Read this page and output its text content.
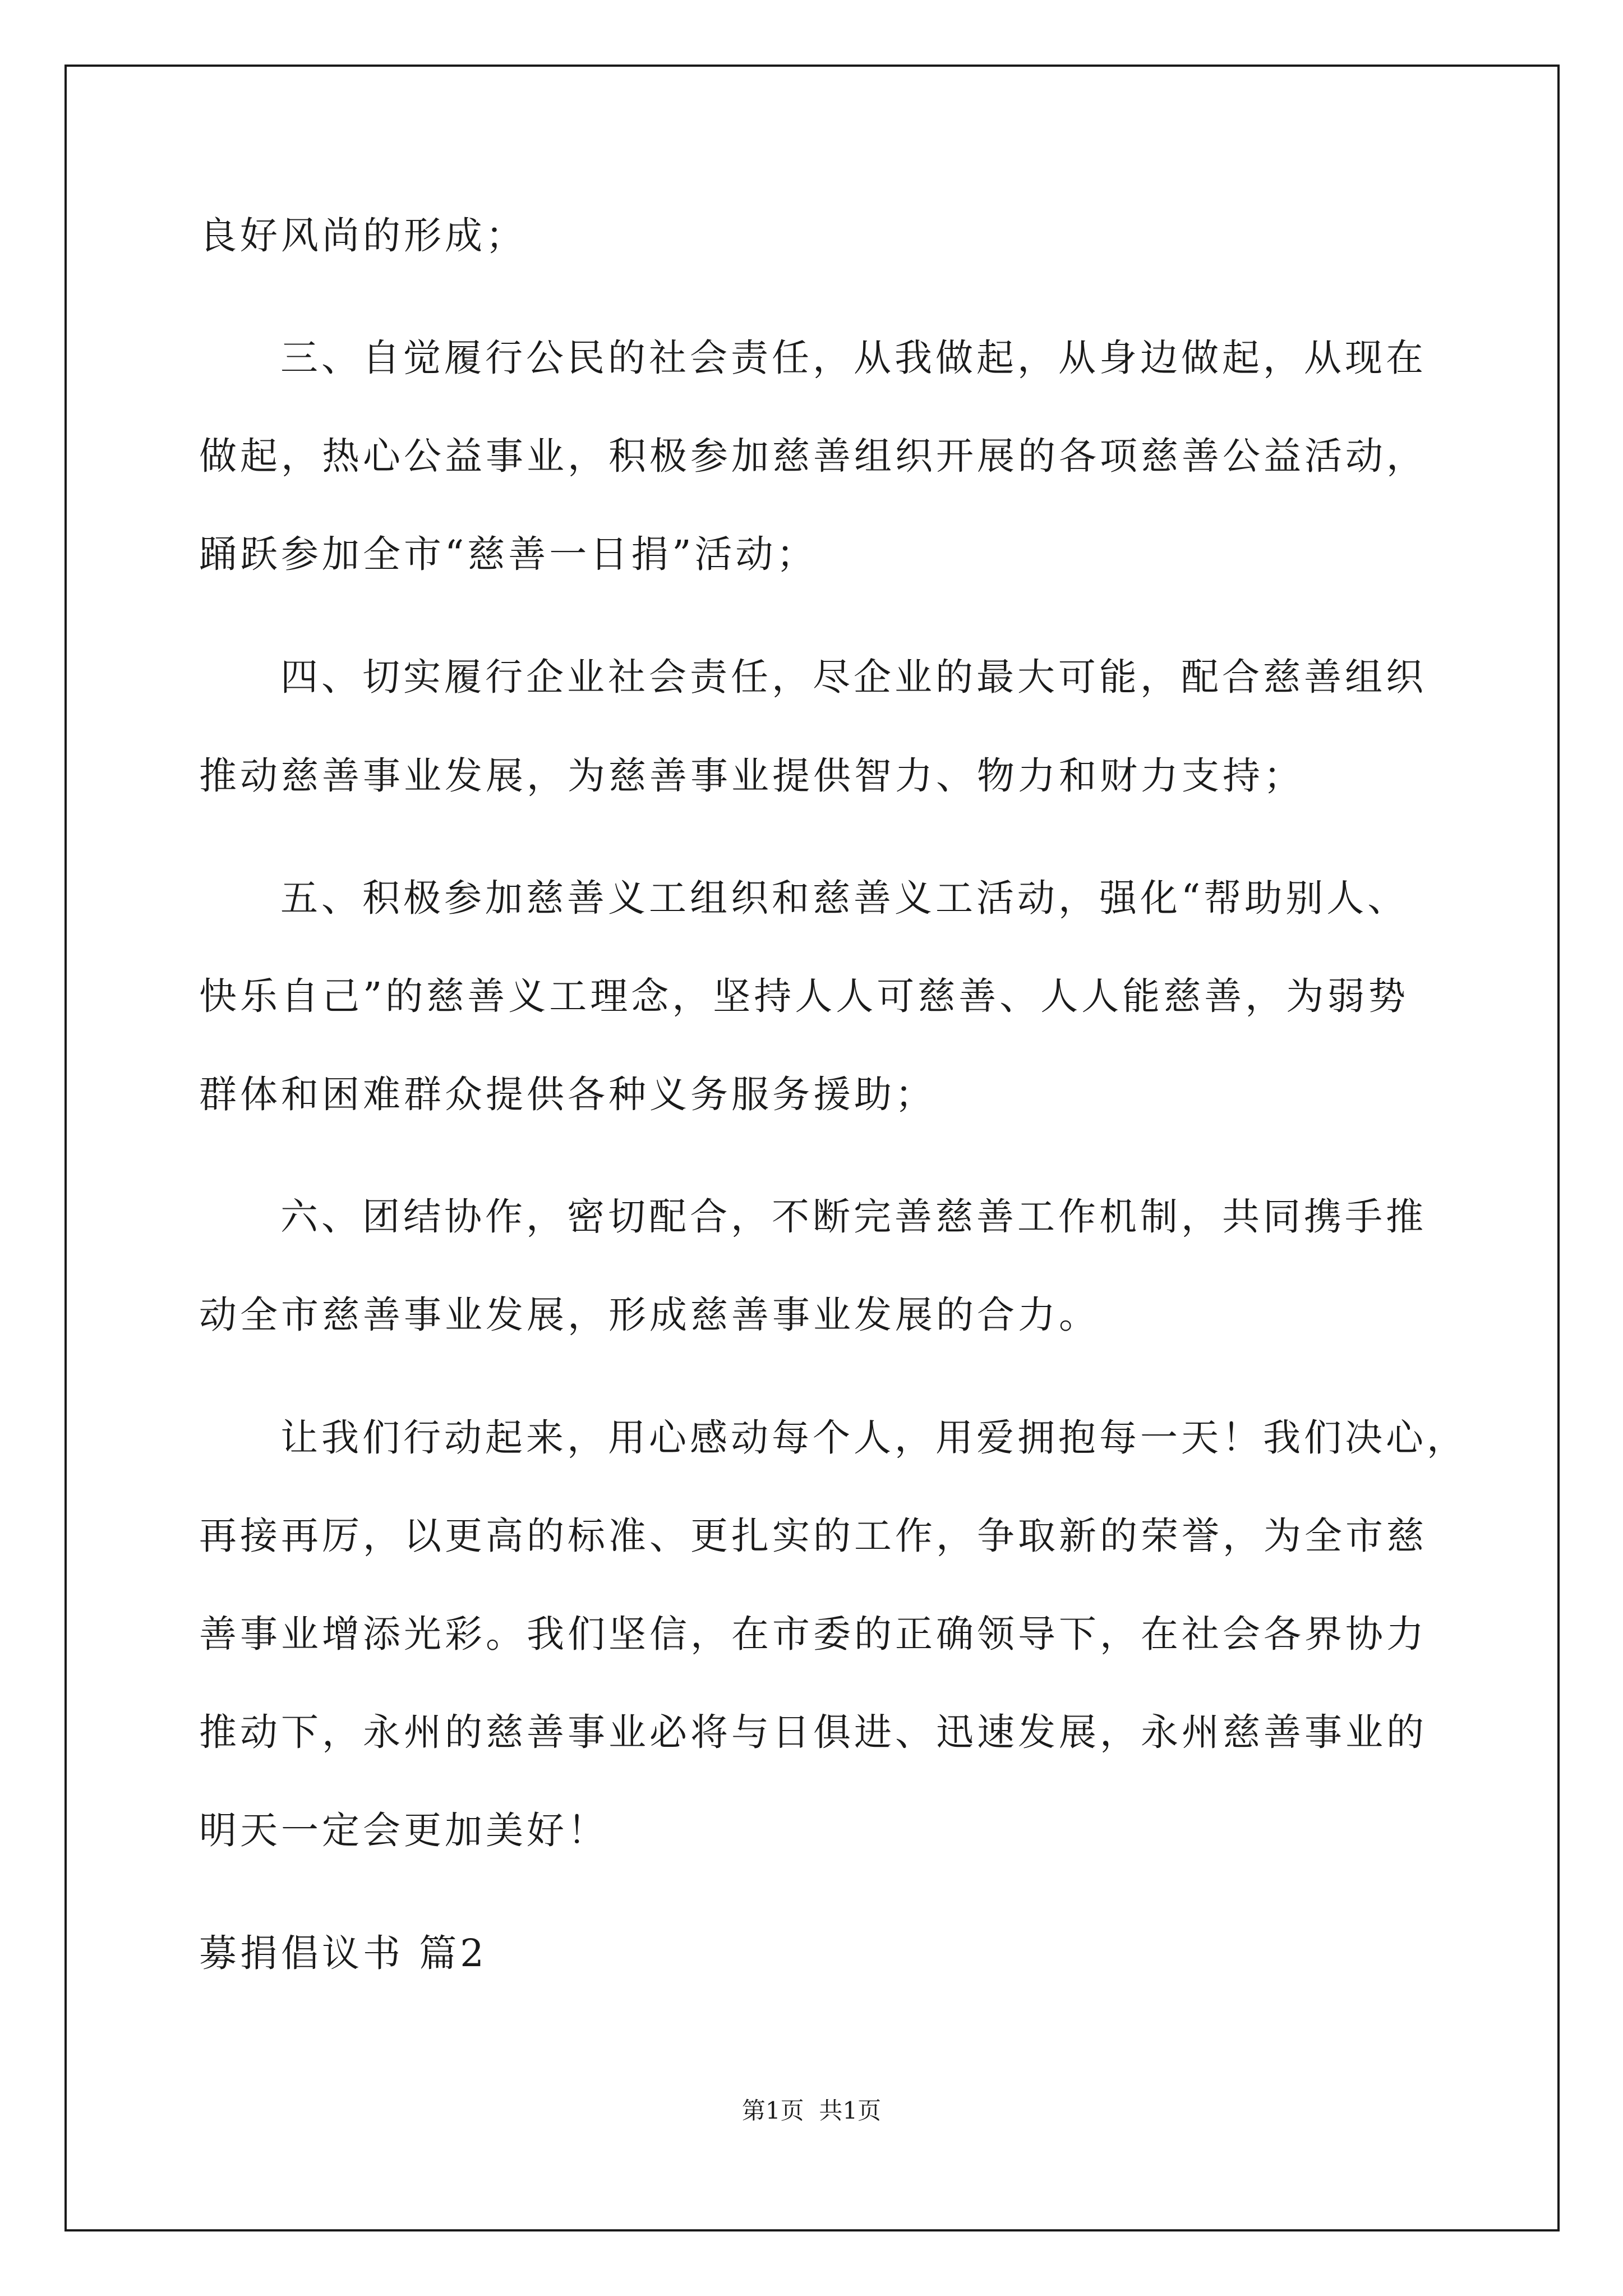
良好风尚的形成；
三、自觉履行公民的社会责任，从我做起，从身边做起，从现在
做起，热心公益事业，积极参加慈善组织开展的各项慈善公益活动，
踊跃参加全市“慈善一日捐”活动；
四、切实履行企业社会责任，尽企业的最大可能，配合慈善组织
推动慈善事业发展，为慈善事业提供智力、物力和财力支持；
五、积极参加慈善义工组织和慈善义工活动，强化“帮助别人、
快乐自己”的慈善义工理念，坚持人人可慈善、人人能慈善，为弱势
群体和困难群众提供各种义务服务援助；
六、团结协作，密切配合，不断完善慈善工作机制，共同携手推
动全市慈善事业发展，形成慈善事业发展的合力。
让我们行动起来，用心感动每个人，用爱拥抱每一天！我们决心，
再接再厉，以更高的标准、更扎实的工作，争取新的荣誉，为全市慈
善事业增添光彩。我们坚信，在市委的正确领导下，在社会各界协力
推动下，永州的慈善事业必将与日俱进、迅速发展，永州慈善事业的
明天一定会更加美好！
募捐倡议书 篇2
第1页  共1页
